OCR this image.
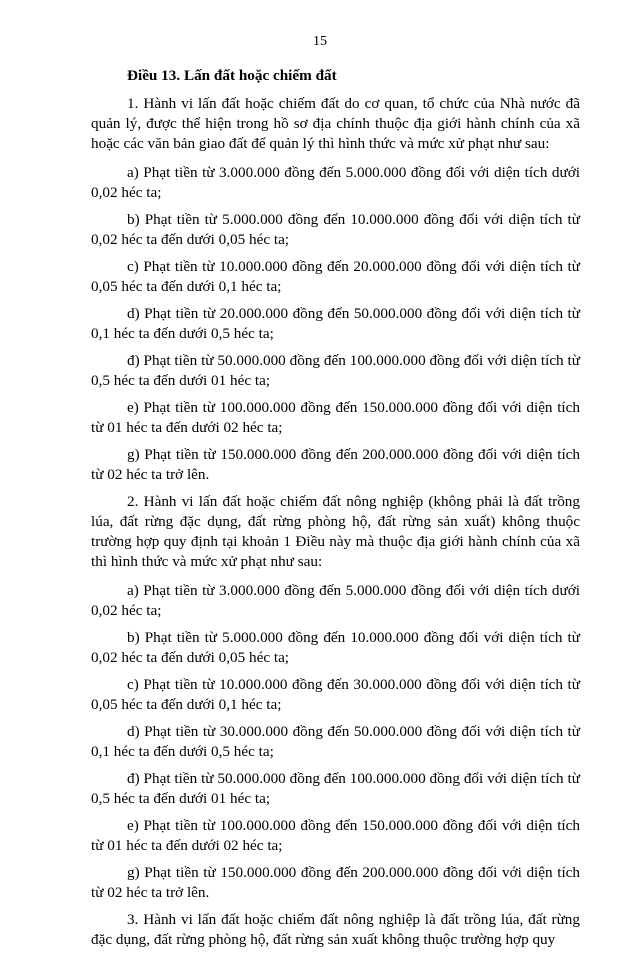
15
Điều 13. Lấn đất hoặc chiếm đất

1. Hành vi lấn đất hoặc chiếm đất do cơ quan, tổ chức của Nhà nước đã quản lý, được thể hiện trong hồ sơ địa chính thuộc địa giới hành chính của xã hoặc các văn bản giao đất để quản lý thì hình thức và mức xử phạt như sau:

a) Phạt tiền từ 3.000.000 đồng đến 5.000.000 đồng đối với diện tích dưới 0,02 héc ta;

b) Phạt tiền từ 5.000.000 đồng đến 10.000.000 đồng đối với diện tích từ 0,02 héc ta đến dưới 0,05 héc ta;

c) Phạt tiền từ 10.000.000 đồng đến 20.000.000 đồng đối với diện tích từ 0,05 héc ta đến dưới 0,1 héc ta;

d) Phạt tiền từ 20.000.000 đồng đến 50.000.000 đồng đối với diện tích từ 0,1 héc ta đến dưới 0,5 héc ta;

đ) Phạt tiền từ 50.000.000 đồng đến 100.000.000 đồng đối với diện tích từ 0,5 héc ta đến dưới 01 héc ta;

e) Phạt tiền từ 100.000.000 đồng đến 150.000.000 đồng đối với diện tích từ 01 héc ta đến dưới 02 héc ta;

g) Phạt tiền từ 150.000.000 đồng đến 200.000.000 đồng đối với diện tích từ 02 héc ta trở lên.

2. Hành vi lấn đất hoặc chiếm đất nông nghiệp (không phải là đất trồng lúa, đất rừng đặc dụng, đất rừng phòng hộ, đất rừng sản xuất) không thuộc trường hợp quy định tại khoản 1 Điều này mà thuộc địa giới hành chính của xã thì hình thức và mức xử phạt như sau:

a) Phạt tiền từ 3.000.000 đồng đến 5.000.000 đồng đối với diện tích dưới 0,02 héc ta;

b) Phạt tiền từ 5.000.000 đồng đến 10.000.000 đồng đối với diện tích từ 0,02 héc ta đến dưới 0,05 héc ta;

c) Phạt tiền từ 10.000.000 đồng đến 30.000.000 đồng đối với diện tích từ 0,05 héc ta đến dưới 0,1 héc ta;

d) Phạt tiền từ 30.000.000 đồng đến 50.000.000 đồng đối với diện tích từ 0,1 héc ta đến dưới 0,5 héc ta;

đ) Phạt tiền từ 50.000.000 đồng đến 100.000.000 đồng đối với diện tích từ 0,5 héc ta đến dưới 01 héc ta;

e) Phạt tiền từ 100.000.000 đồng đến 150.000.000 đồng đối với diện tích từ 01 héc ta đến dưới 02 héc ta;

g) Phạt tiền từ 150.000.000 đồng đến 200.000.000 đồng đối với diện tích từ 02 héc ta trở lên.

3. Hành vi lấn đất hoặc chiếm đất nông nghiệp là đất trồng lúa, đất rừng đặc dụng, đất rừng phòng hộ, đất rừng sản xuất không thuộc trường hợp quy
